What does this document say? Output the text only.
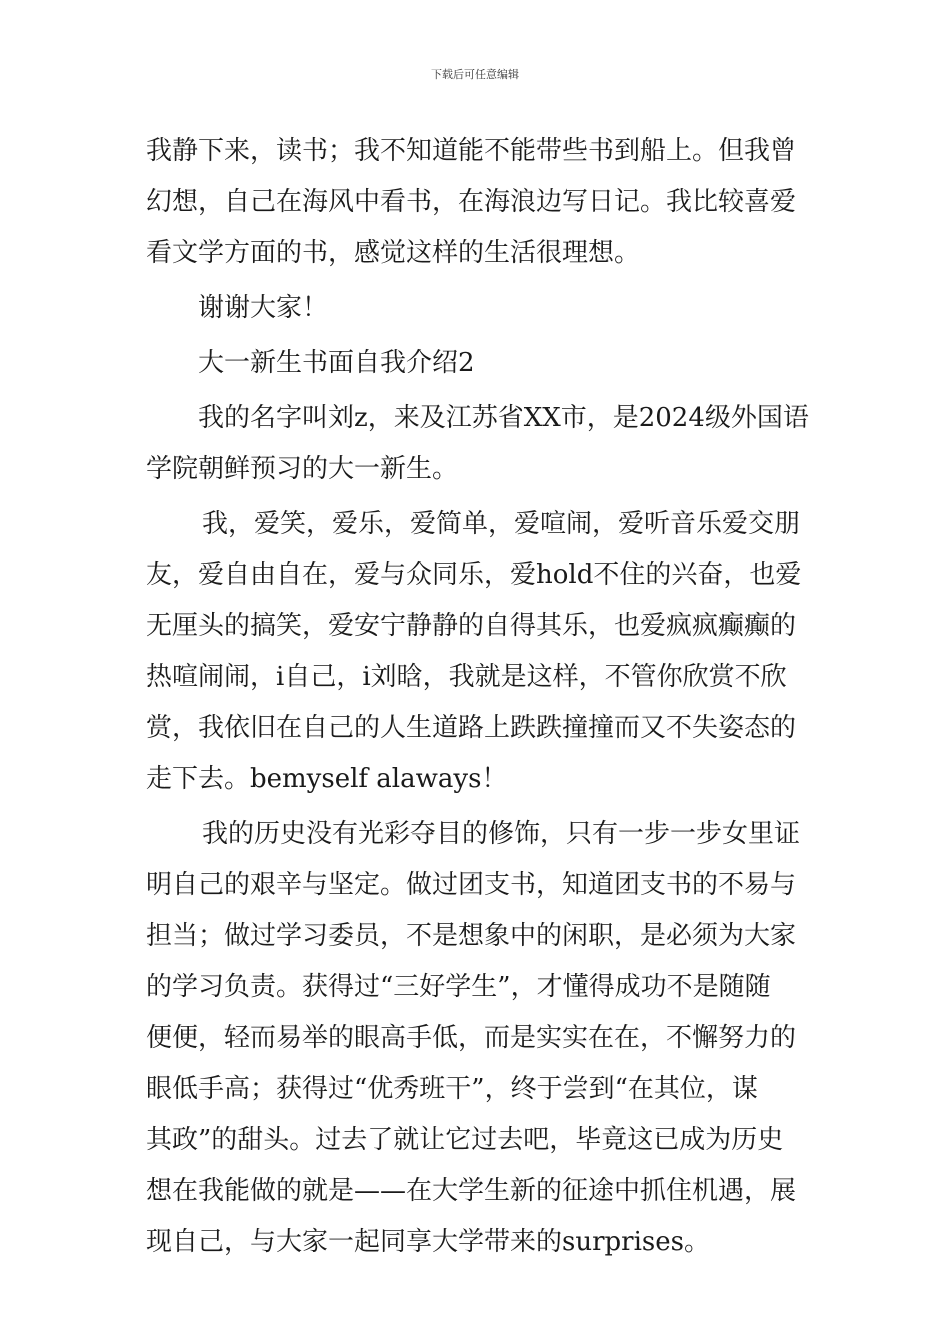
下载后可任意编辑

我静下来，读书；我不知道能不能带些书到船上。但我曾
幻想，自己在海风中看书，在海浪边写日记。我比较喜爱
看文学方面的书，感觉这样的生活很理想。

谢谢大家！

大一新生书面自我介绍2

我的名字叫刘z，来及江苏省XX市，是2024级外国语
学院朝鲜预习的大一新生。

我，爱笑，爱乐，爱简单，爱喧闹，爱听音乐爱交朋
友，爱自由自在，爱与众同乐，爱hold不住的兴奋，也爱
无厘头的搞笑，爱安宁静静的自得其乐，也爱疯疯癫癫的
热喧闹闹，i自己，i刘晗，我就是这样，不管你欣赏不欣
赏，我依旧在自己的人生道路上跌跌撞撞而又不失姿态的
走下去。bemyself alaways！

我的历史没有光彩夺目的修饰，只有一步一步女里证
明自己的艰辛与坚定。做过团支书，知道团支书的不易与
担当；做过学习委员，不是想象中的闲职，是必须为大家
的学习负责。获得过“三好学生”，才懂得成功不是随随
便便，轻而易举的眼高手低，而是实实在在，不懈努力的
眼低手高；获得过“优秀班干”，终于尝到“在其位，谋
其政”的甜头。过去了就让它过去吧，毕竟这已成为历史
想在我能做的就是——在大学生新的征途中抓住机遇，展
现自己，与大家一起同享大学带来的surprises。
